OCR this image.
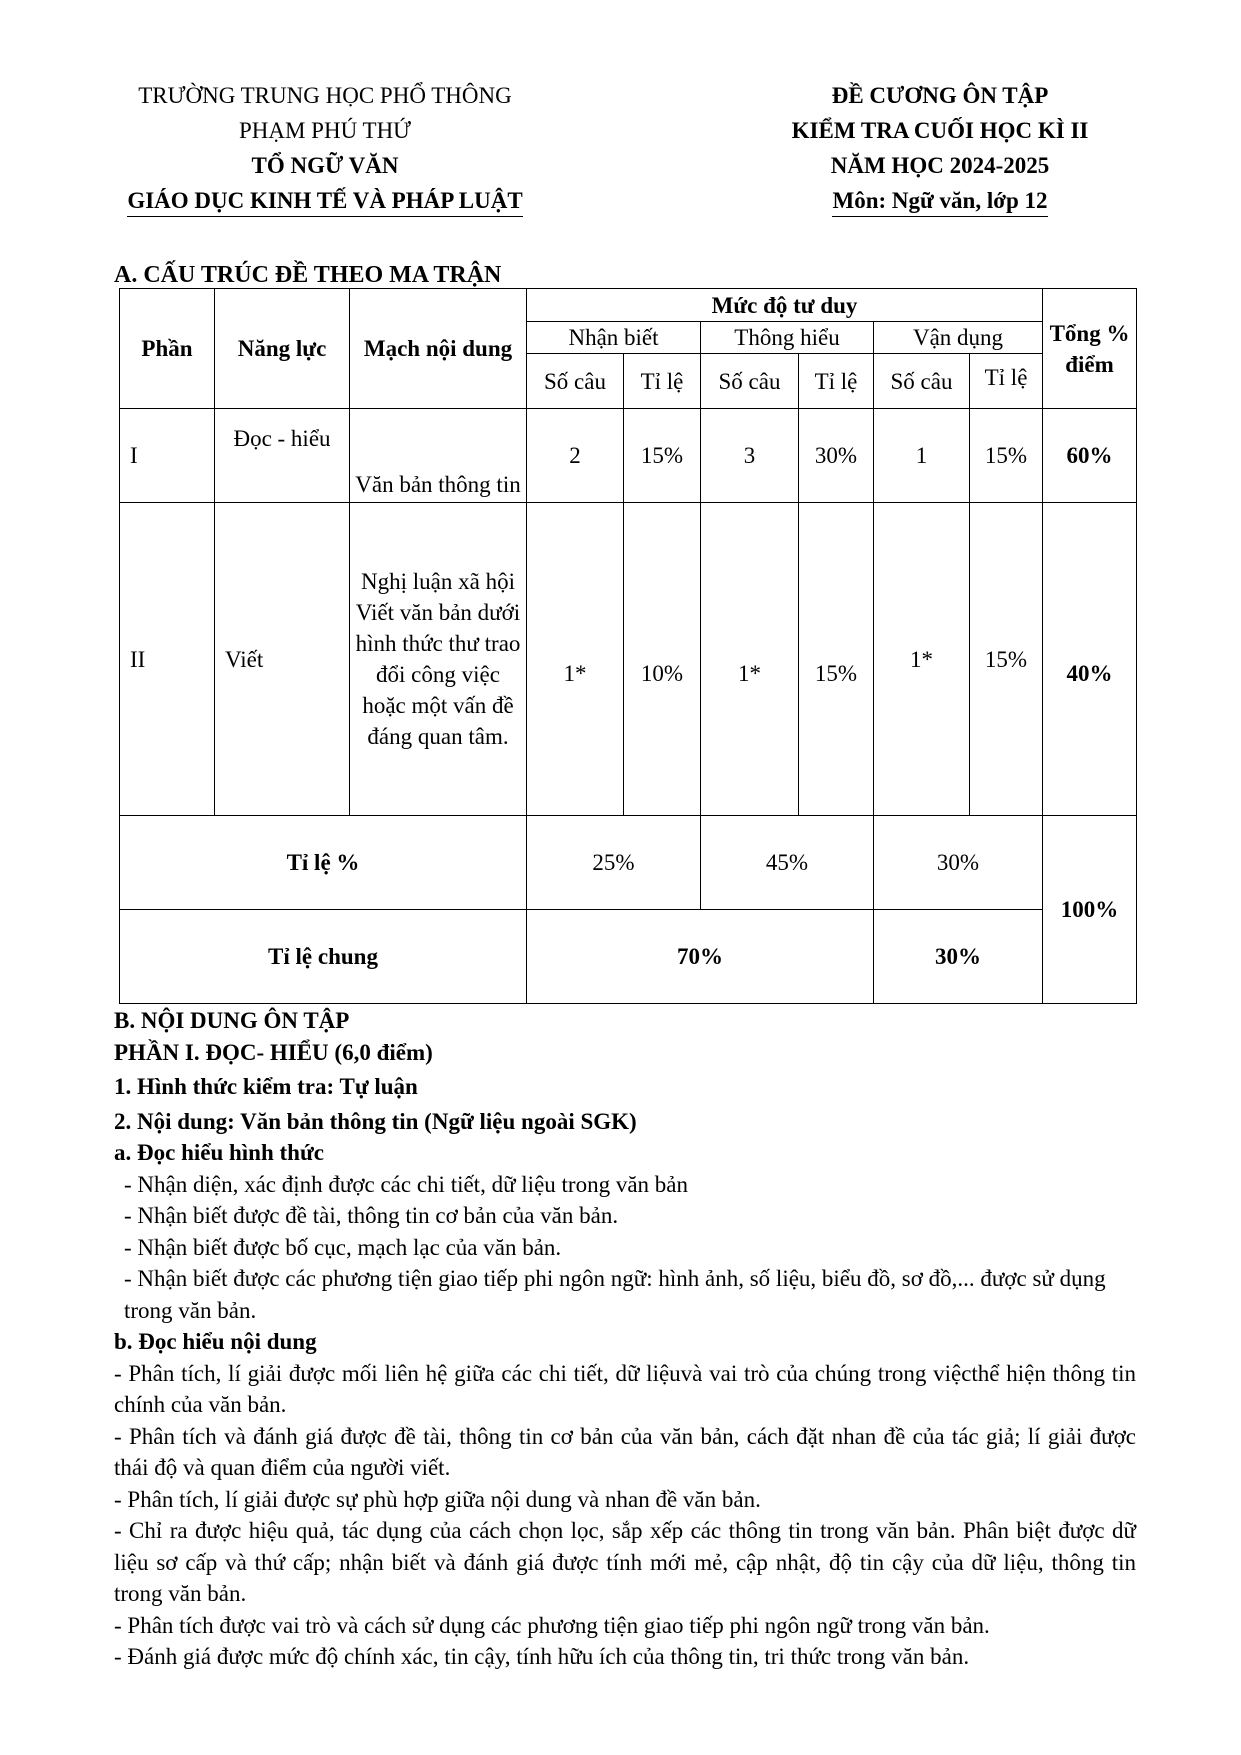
TRƯỜNG TRUNG HỌC PHỔ THÔNG
PHẠM PHÚ THỨ
TỔ NGỮ VĂN
GIÁO DỤC KINH TẾ VÀ PHÁP LUẬT
ĐỀ CƯƠNG ÔN TẬP
KIỂM TRA CUỐI HỌC KÌ II
NĂM HỌC 2024-2025
Môn: Ngữ văn, lớp 12
A. CẤU TRÚC ĐỀ THEO MA TRẬN
Phần	Năng lực	Mạch nội dung	Mức độ tư duy						Tổng % điểm
			Nhận biết		Thông hiểu		Vận dụng		
			Số câu	Tỉ lệ	Số câu	Tỉ lệ	Số câu	Tỉ lệ	
I	Đọc - hiểu	Văn bản thông tin	2	15%	3	30%	1	15%	60%
II	Viết	Nghị luận xã hội Viết văn bản dưới hình thức thư trao đổi công việc hoặc một vấn đề đáng quan tâm.	1*	10%	1*	15%	1*	15%	40%
Tỉ lệ %			25%		45%		30%		100%
Tỉ lệ chung			70%				30%		

B. NỘI DUNG ÔN TẬP

PHẦN I. ĐỌC- HIỂU (6,0 điểm)

1. Hình thức kiểm tra: Tự luận

2. Nội dung: Văn bản thông tin (Ngữ liệu ngoài SGK)

a. Đọc hiểu hình thức

- Nhận diện, xác định được các chi tiết, dữ liệu trong văn bản

- Nhận biết được đề tài, thông tin cơ bản của văn bản.

- Nhận biết được bố cục, mạch lạc của văn bản.

- Nhận biết được các phương tiện giao tiếp phi ngôn ngữ: hình ảnh, số liệu, biểu đồ, sơ đồ,... được sử dụng trong văn bản.

b. Đọc hiểu nội dung

- Phân tích, lí giải được mối liên hệ giữa các chi tiết, dữ liệuvà vai trò của chúng trong việcthể hiện thông tin chính của văn bản.

- Phân tích và đánh giá được đề tài, thông tin cơ bản của văn bản, cách đặt nhan đề của tác giả; lí giải được thái độ và quan điểm của người viết.

- Phân tích, lí giải được sự phù hợp giữa nội dung và nhan đề văn bản.

- Chỉ ra được hiệu quả, tác dụng của cách chọn lọc, sắp xếp các thông tin trong văn bản. Phân biệt được dữ liệu sơ cấp và thứ cấp; nhận biết và đánh giá được tính mới mẻ, cập nhật, độ tin cậy của dữ liệu, thông tin trong văn bản.

- Phân tích được vai trò và cách sử dụng các phương tiện giao tiếp phi ngôn ngữ trong văn bản.

- Đánh giá được mức độ chính xác, tin cậy, tính hữu ích của thông tin, tri thức trong văn bản.
